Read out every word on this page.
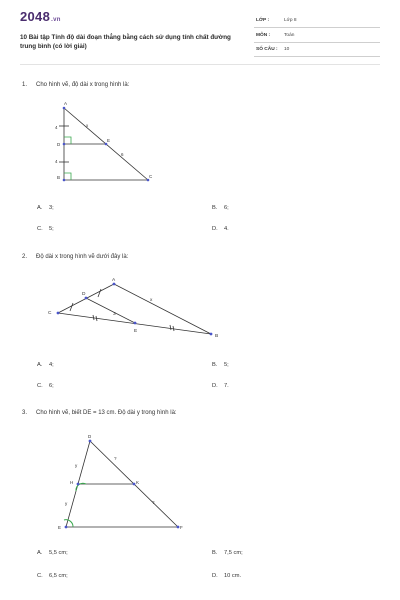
2048.vn
10 Bài tập Tính độ dài đoạn thẳng bằng cách sử dụng tính chất đường trung bình (có lời giải)
LỚP :	Lớp 8
MÔN :	Toán
SỐ CÂU : 10
1. Cho hình vẽ, độ dài x trong hình là:
A
D
E
B	C
4
4
x
6
A. 3;	B. 6;
C. 5;	D. 4.
2. Độ dài x trong hình vẽ dưới đây là:
A
B
C
D
E
x
3
A. 4;	B. 5;
C. 6;	D. 7.
3. Cho hình vẽ, biết DE = 13 cm. Độ dài y trong hình là:
D
H	K
E	F
y
y
?
?
A. 5,5 cm;	B. 7,5 cm;
C. 6,5 cm;	D. 10 cm.
